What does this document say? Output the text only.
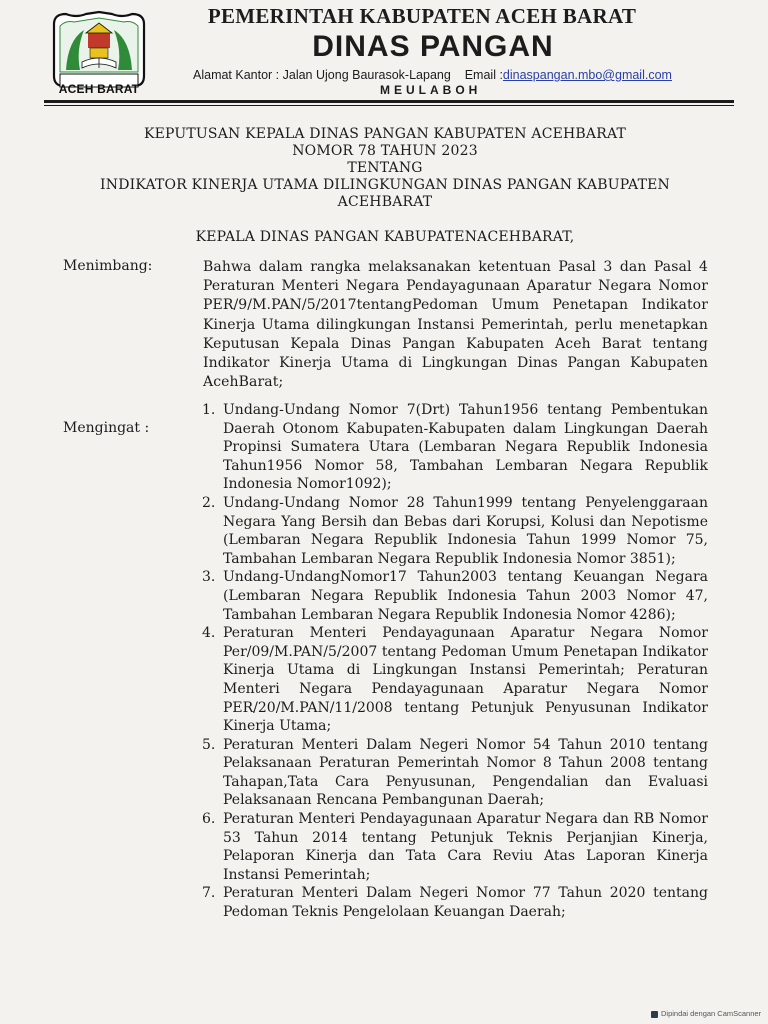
ACEH BARAT
PEMERINTAH KABUPATEN ACEH BARAT
DINAS PANGAN
Alamat Kantor : Jalan Ujong Baurasok-Lapang Email :dinaspangan.mbo@gmail.com
MEULABOH
KEPUTUSAN KEPALA DINAS PANGAN KABUPATEN ACEHBARAT
NOMOR 78 TAHUN 2023
TENTANG
INDIKATOR KINERJA UTAMA DILINGKUNGAN DINAS PANGAN KABUPATEN
ACEHBARAT
KEPALA DINAS PANGAN KABUPATENACEHBARAT,
Menimbang:	Bahwa dalam rangka melaksanakan ketentuan Pasal 3 dan Pasal 4 Peraturan Menteri Negara Pendayagunaan Aparatur Negara Nomor PER/9/M.PAN/5/2017tentangPedoman Umum Penetapan Indikator Kinerja Utama dilingkungan Instansi Pemerintah, perlu menetapkan Keputusan Kepala Dinas Pangan Kabupaten Aceh Barat tentang Indikator Kinerja Utama di Lingkungan Dinas Pangan Kabupaten AcehBarat;
Mengingat :
1. Undang-Undang Nomor 7(Drt) Tahun1956 tentang Pembentukan Daerah Otonom Kabupaten-Kabupaten dalam Lingkungan Daerah Propinsi Sumatera Utara (Lembaran Negara Republik Indonesia Tahun1956 Nomor 58, Tambahan Lembaran Negara Republik Indonesia Nomor1092);
2. Undang-Undang Nomor 28 Tahun1999 tentang Penyelenggaraan Negara Yang Bersih dan Bebas dari Korupsi, Kolusi dan Nepotisme (Lembaran Negara Republik Indonesia Tahun 1999 Nomor 75, Tambahan Lembaran Negara Republik Indonesia Nomor 3851);
3. Undang-UndangNomor17 Tahun2003 tentang Keuangan Negara (Lembaran Negara Republik Indonesia Tahun 2003 Nomor 47, Tambahan Lembaran Negara Republik Indonesia Nomor 4286);
4. Peraturan Menteri Pendayagunaan Aparatur Negara Nomor Per/09/M.PAN/5/2007 tentang Pedoman Umum Penetapan Indikator Kinerja Utama di Lingkungan Instansi Pemerintah; Peraturan Menteri Negara Pendayagunaan Aparatur Negara Nomor PER/20/M.PAN/11/2008 tentang Petunjuk Penyusunan Indikator Kinerja Utama;
5. Peraturan Menteri Dalam Negeri Nomor 54 Tahun 2010 tentang Pelaksanaan Peraturan Pemerintah Nomor 8 Tahun 2008 tentang Tahapan,Tata Cara Penyusunan, Pengendalian dan Evaluasi Pelaksanaan Rencana Pembangunan Daerah;
6. Peraturan Menteri Pendayagunaan Aparatur Negara dan RB Nomor 53 Tahun 2014 tentang Petunjuk Teknis Perjanjian Kinerja, Pelaporan Kinerja dan Tata Cara Reviu Atas Laporan Kinerja Instansi Pemerintah;
7. Peraturan Menteri Dalam Negeri Nomor 77 Tahun 2020 tentang Pedoman Teknis Pengelolaan Keuangan Daerah;
Dipindai dengan CamScanner
